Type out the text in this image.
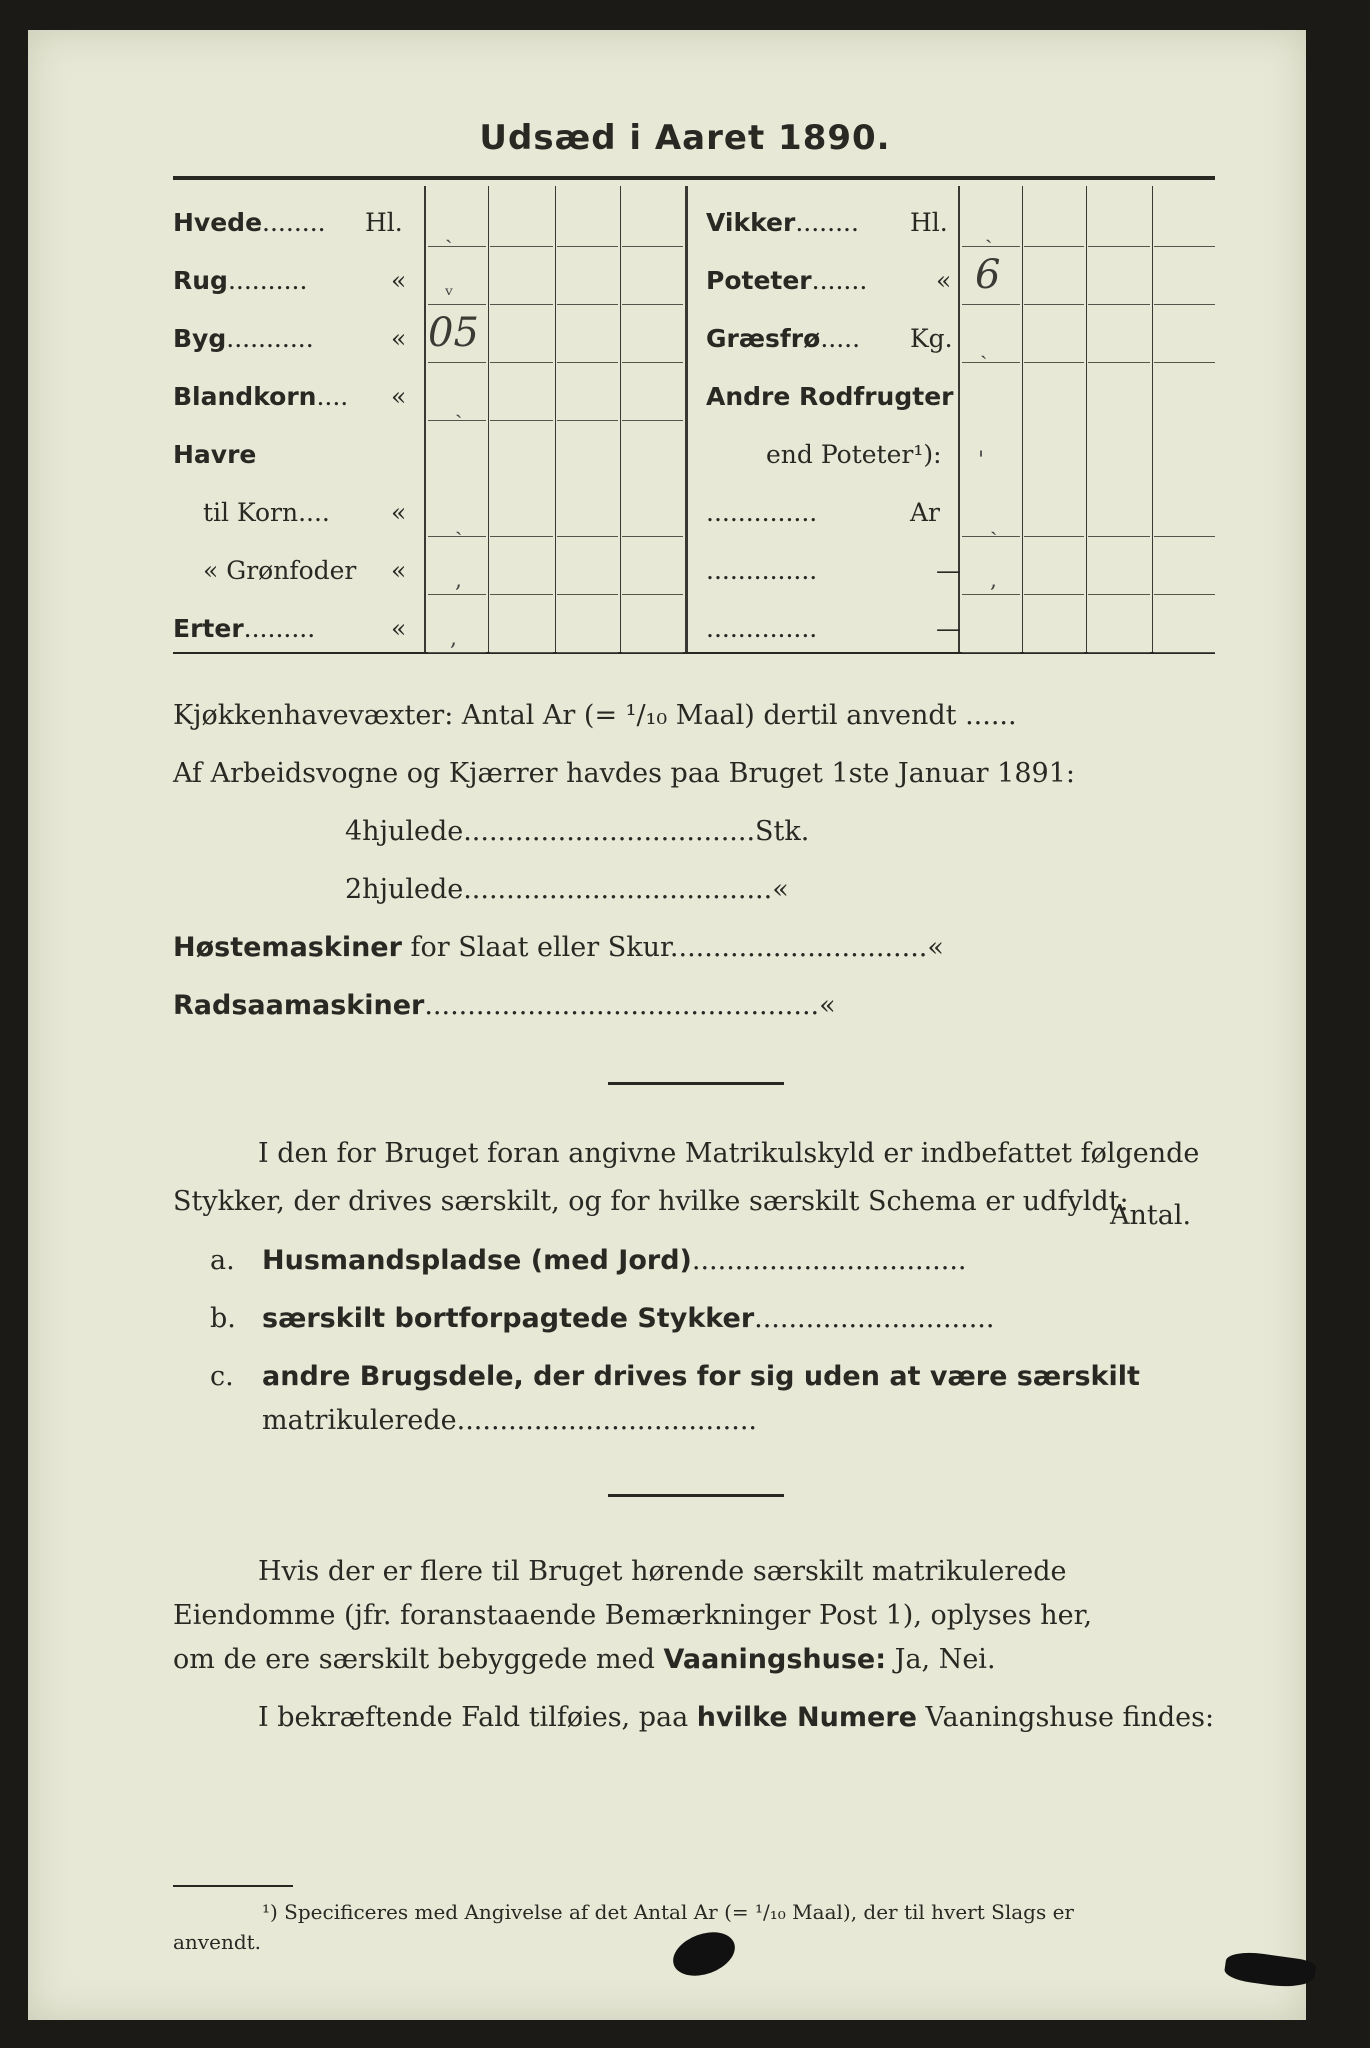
Udsæd i Aaret 1890.
Hvede........ Hl.
Rug..........	«
Byg...........	« 05
Blandkorn.... «
Havre
til Korn.... «
« Grønfoder «
Erter.........	«
Vikker........ Hl.
Poteter.......	« 6
Græsfrø..... Kg.
Andre Rodfrugter
end Poteter¹):
..............	Ar
..............	—
..............	—
ˏ
ᵥ
ˏ
ˏ
,
,
ˏ
ˏ
'
ˏ
,
Kjøkkenhavevæxter: Antal Ar (= ¹/₁₀ Maal) dertil anvendt ......
Af Arbeidsvogne og Kjærrer havdes paa Bruget 1ste Januar 1891:
4hjulede..................................Stk.
2hjulede....................................«
Høstemaskiner for Slaat eller Skur..............................«
Radsaamaskiner..............................................«
I den for Bruget foran angivne Matrikulskyld er indbefattet følgende
Stykker, der drives særskilt, og for hvilke særskilt Schema er udfyldt:
Antal.
a. Husmandspladse (med Jord)................................
b. særskilt bortforpagtede Stykker............................
c. andre Brugsdele, der drives for sig uden at være særskilt
matrikulerede...................................
Hvis der er flere til Bruget hørende særskilt matrikulerede
Eiendomme (jfr. foranstaaende Bemærkninger Post 1), oplyses her,
om de ere særskilt bebyggede med Vaaningshuse: Ja, Nei.
I bekræftende Fald tilføies, paa hvilke Numere Vaaningshuse findes:
¹) Specificeres med Angivelse af det Antal Ar (= ¹/₁₀ Maal), der til hvert Slags er
anvendt.
